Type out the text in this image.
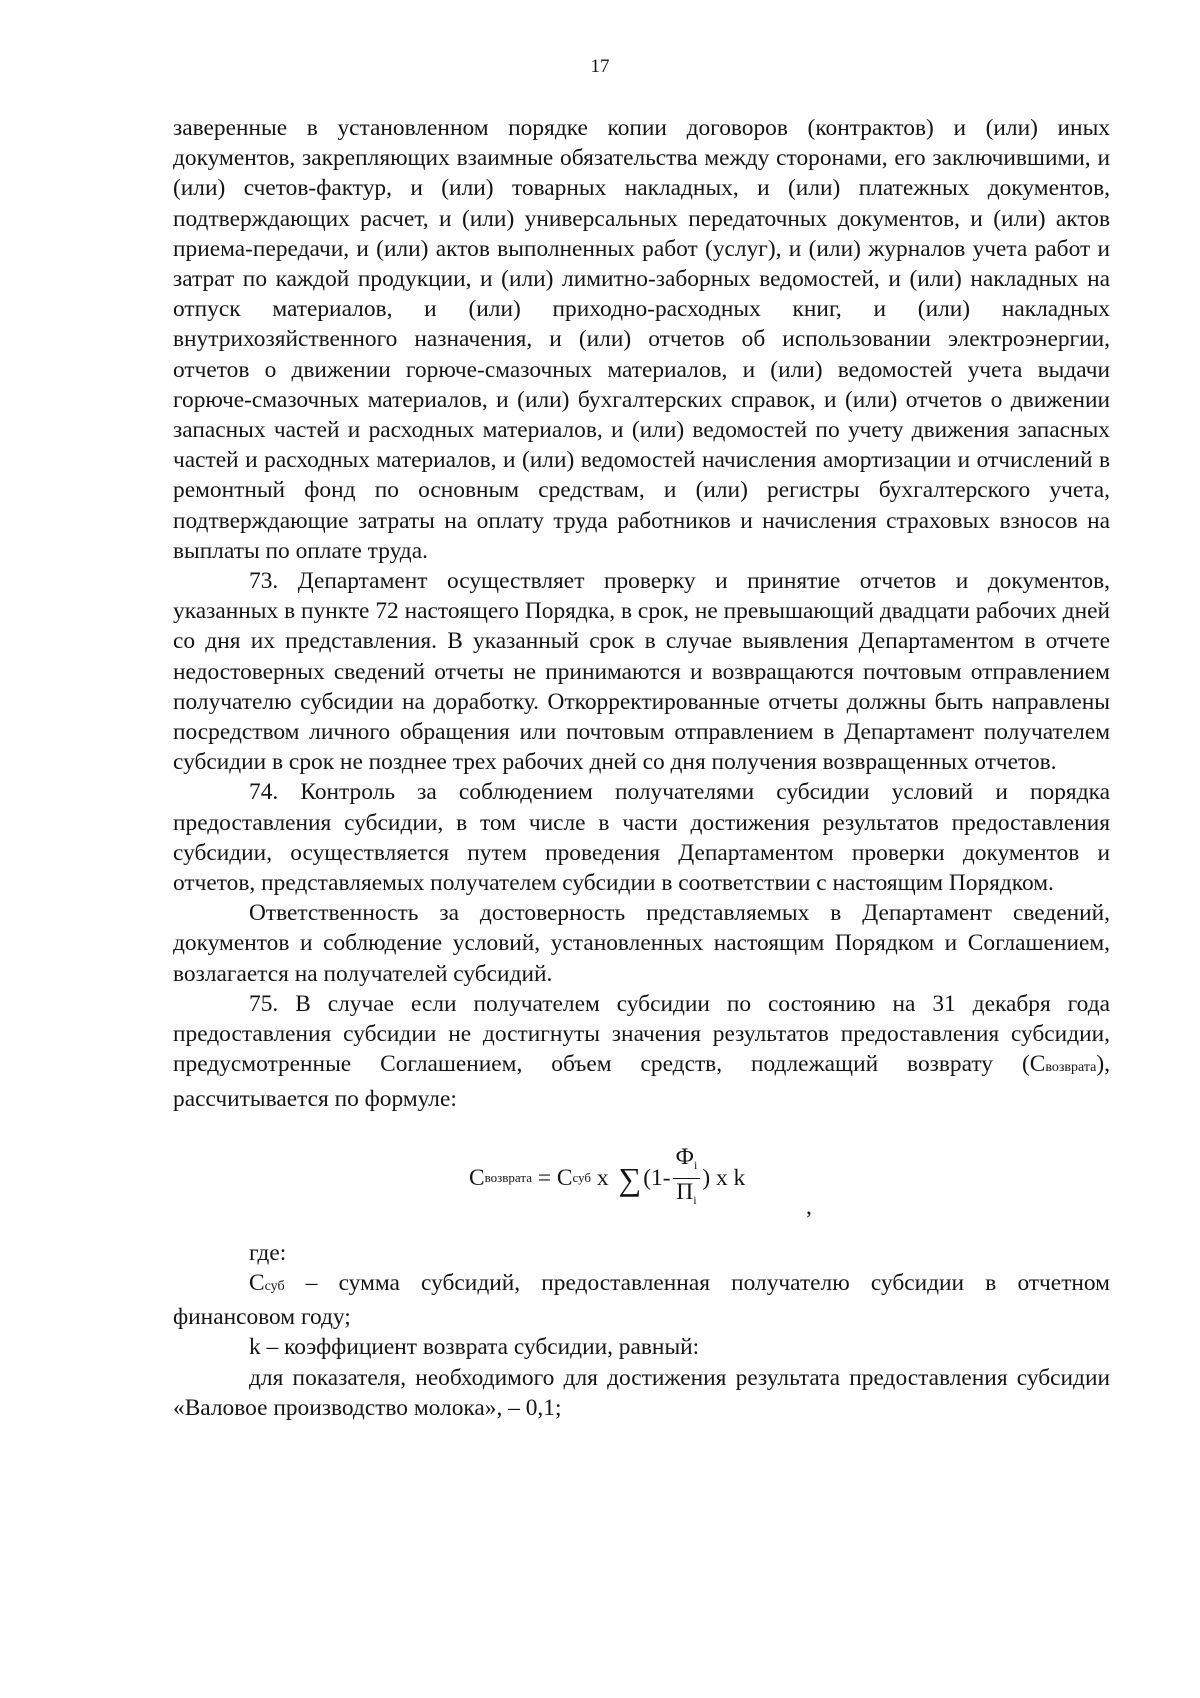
17

заверенные в установленном порядке копии договоров (контрактов) и (или) иных документов, закрепляющих взаимные обязательства между сторонами, его заключившими, и (или) счетов-фактур, и (или) товарных накладных, и (или) платежных документов, подтверждающих расчет, и (или) универсальных передаточных документов, и (или) актов приема-передачи, и (или) актов выполненных работ (услуг), и (или) журналов учета работ и затрат по каждой продукции, и (или) лимитно-заборных ведомостей, и (или) накладных на отпуск материалов, и (или) приходно-расходных книг, и (или) накладных внутрихозяйственного назначения, и (или) отчетов об использовании электроэнергии, отчетов о движении горюче-смазочных материалов, и (или) ведомостей учета выдачи горюче-смазочных материалов, и (или) бухгалтерских справок, и (или) отчетов о движении запасных частей и расходных материалов, и (или) ведомостей по учету движения запасных частей и расходных материалов, и (или) ведомостей начисления амортизации и отчислений в ремонтный фонд по основным средствам, и (или) регистры бухгалтерского учета, подтверждающие затраты на оплату труда работников и начисления страховых взносов на выплаты по оплате труда.

73. Департамент осуществляет проверку и принятие отчетов и документов, указанных в пункте 72 настоящего Порядка, в срок, не превышающий двадцати рабочих дней со дня их представления. В указанный срок в случае выявления Департаментом в отчете недостоверных сведений отчеты не принимаются и возвращаются почтовым отправлением получателю субсидии на доработку. Откорректированные отчеты должны быть направлены посредством личного обращения или почтовым отправлением в Департамент получателем субсидии в срок не позднее трех рабочих дней со дня получения возвращенных отчетов.

74. Контроль за соблюдением получателями субсидии условий и порядка предоставления субсидии, в том числе в части достижения результатов предоставления субсидии, осуществляется путем проведения Департаментом проверки документов и отчетов, представляемых получателем субсидии в соответствии с настоящим Порядком.

Ответственность за достоверность представляемых в Департамент сведений, документов и соблюдение условий, установленных настоящим Порядком и Соглашением, возлагается на получателей субсидий.

75. В случае если получателем субсидии по состоянию на 31 декабря года предоставления субсидии не достигнуты значения результатов предоставления субсидии, предусмотренные Соглашением, объем средств, подлежащий возврату (Свозврата), рассчитывается по формуле:

С возврата = С суб х ∑ ($1- \frac{Ф_i}{П_i}$ ) х k
,

где:

Ссуб – сумма субсидий, предоставленная получателю субсидии в отчетном финансовом году;

k – коэффициент возврата субсидии, равный:

для показателя, необходимого для достижения результата предоставления субсидии «Валовое производство молока», – 0,1;
